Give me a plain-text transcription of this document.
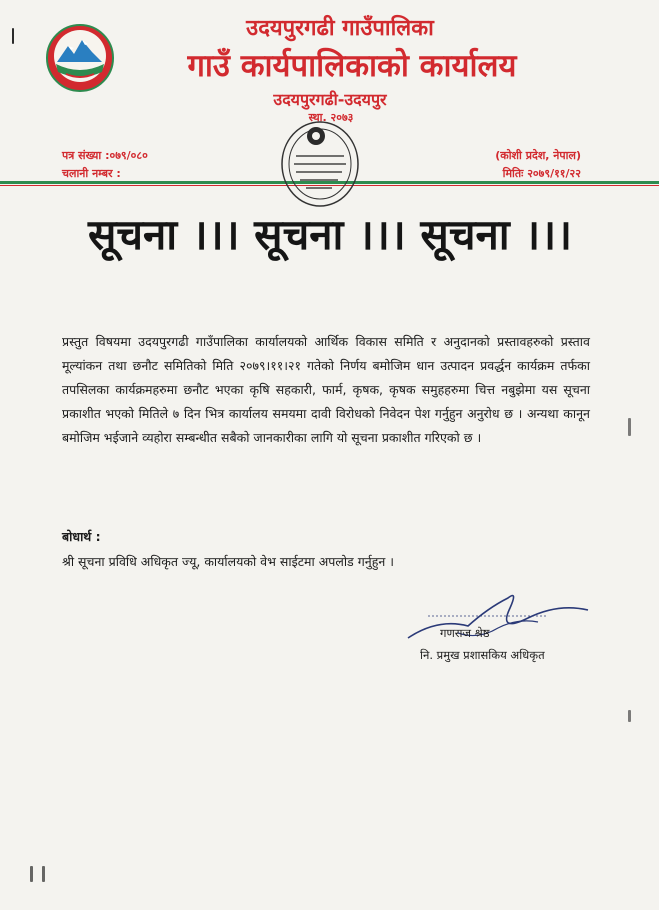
उदयपुरगढी गाउँपालिका
गाउँ कार्यपालिकाको कार्यालय
उदयपुरगढी-उदयपुर
स्था. २०७३
पत्र संख्या :०७९/०८०
चलानी नम्बर :
(कोशी प्रदेश, नेपाल)
मितिः २०७९/११/२२
सूचना ।।। सूचना ।।। सूचना ।।।
प्रस्तुत विषयमा उदयपुरगढी गाउँपालिका कार्यालयको आर्थिक विकास समिति र अनुदानको प्रस्तावहरुको प्रस्ताव मूल्यांकन तथा छनौट समितिको मिति २०७९।११।२१ गतेको निर्णय बमोजिम धान उत्पादन प्रवर्द्धन कार्यक्रम तर्फका तपसिलका कार्यक्रमहरुमा छनौट भएका कृषि सहकारी, फार्म, कृषक, कृषक समुहहरुमा चित्त नबुझेमा यस सूचना प्रकाशीत भएको मितिले ७ दिन भित्र कार्यालय समयमा दावी विरोधको निवेदन पेश गर्नुहुन अनुरोध छ । अन्यथा कानून बमोजिम भईजाने व्यहोरा सम्बन्धीत सबैको जानकारीका लागि यो सूचना प्रकाशीत गरिएको छ ।
बोधार्थ :
श्री सूचना प्रविधि अधिकृत ज्यू, कार्यालयको वेभ साईटमा अपलोड गर्नुहुन ।
गणराज श्रेष्ठ
नि. प्रमुख प्रशासकिय अधिकृत
